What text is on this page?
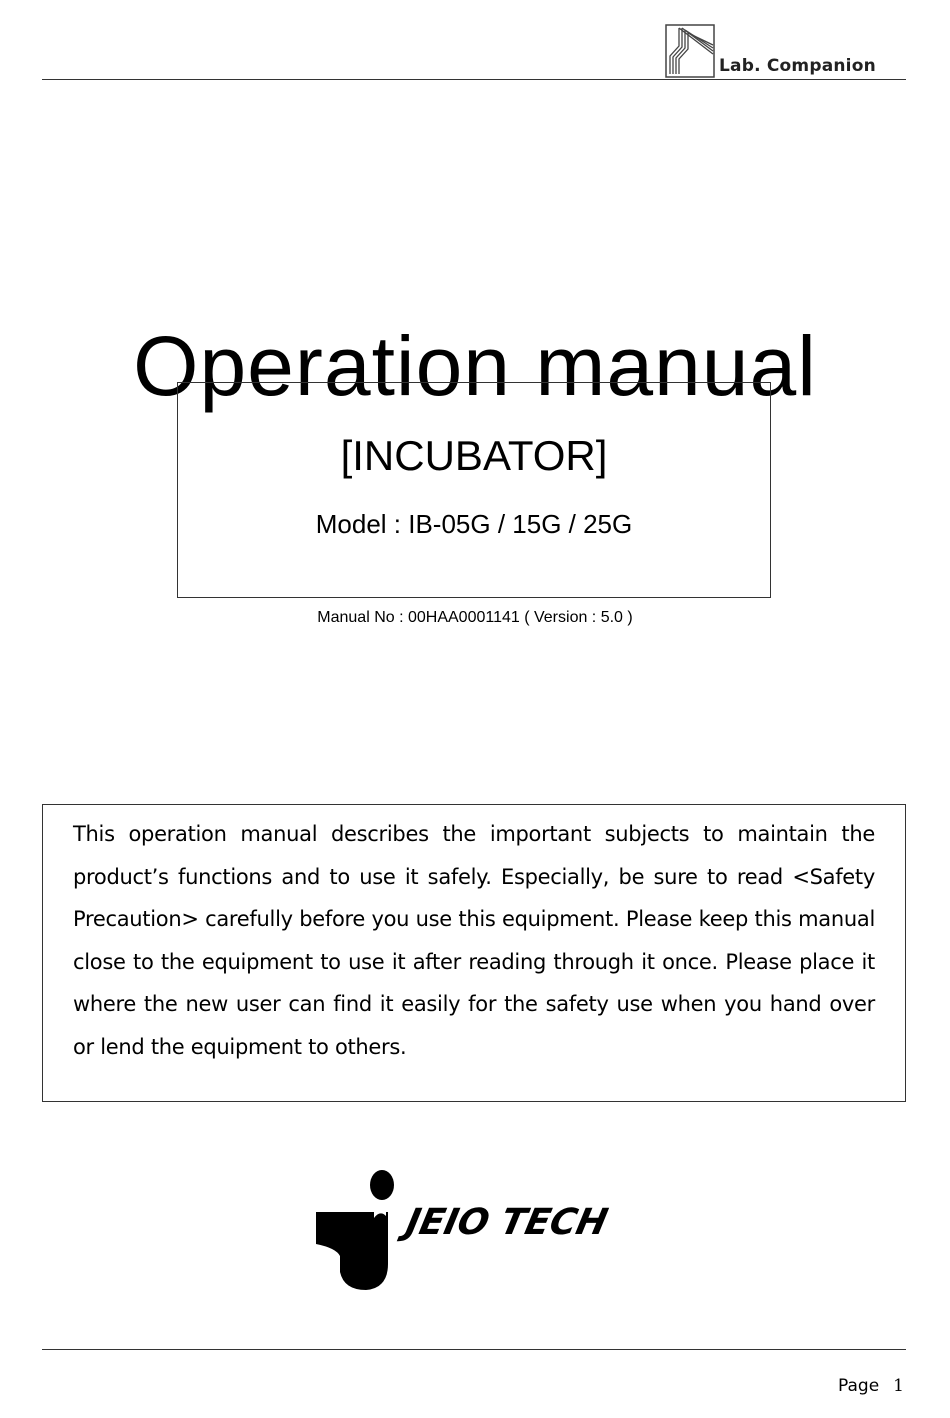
Lab. Companion
Operation manual
[INCUBATOR]
Model : IB-05G / 15G / 25G
Manual No : 00HAA0001141 ( Version : 5.0 )

This operation manual describes the important subjects to maintain the product’s functions and to use it safely. Especially, be sure to read <Safety Precaution> carefully before you use this equipment. Please keep this manual close to the equipment to use it after reading through it once. Please place it where the new user can find it easily for the safety use when you hand over or lend the equipment to others.

JEIO TECH
Page 1
